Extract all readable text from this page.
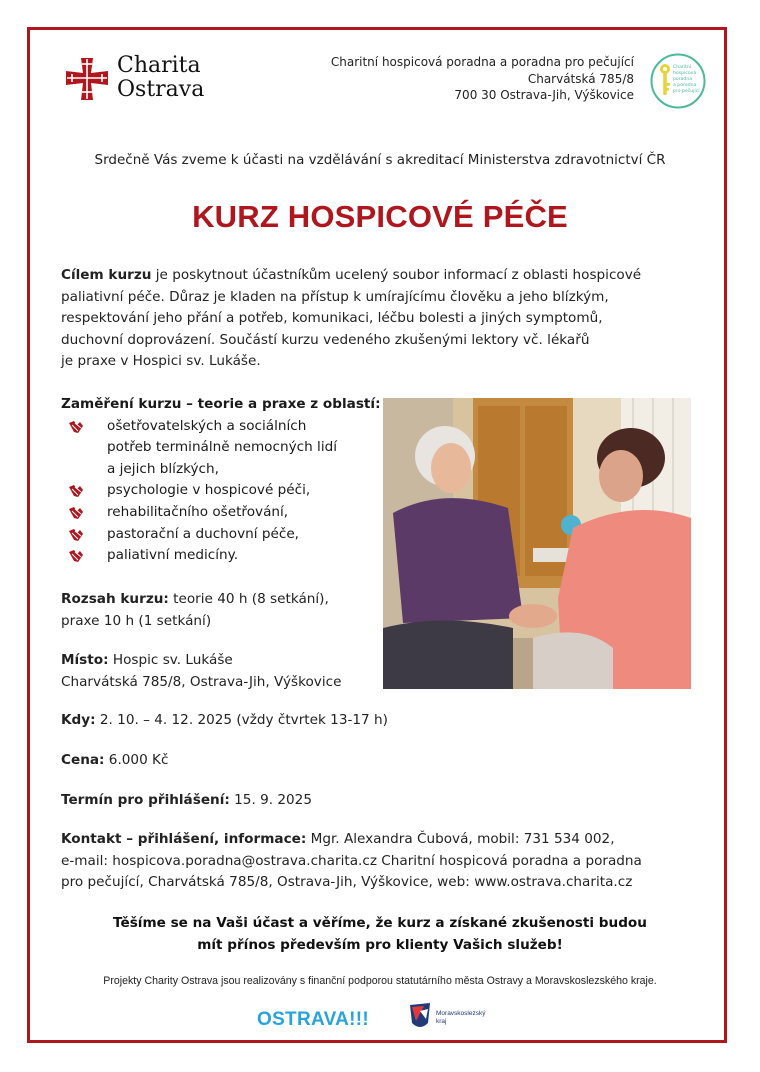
Charita
Ostrava
Charitní hospicová poradna a poradna pro pečující
Charvátská 785/8
700 30 Ostrava-Jih, Výškovice
Charitní
hospicová
poradna
a poradna
pro pečující
Srdečně Vás zveme k účasti na vzdělávání s akreditací Ministerstva zdravotnictví ČR
KURZ HOSPICOVÉ PÉČE

Cílem kurzu je poskytnout účastníkům ucelený soubor informací z oblasti hospicové

paliativní péče. Důraz je kladen na přístup k umírajícímu člověku a jeho blízkým,

respektování jeho přání a potřeb, komunikaci, léčbu bolesti a jiných symptomů,

duchovní doprovázení. Součástí kurzu vedeného zkušenými lektory vč. lékařů

je praxe v Hospici sv. Lukáše.

Zaměření kurzu – teorie a praxe z oblastí:
ošetřovatelských a sociálních
potřeb terminálně nemocných lidí
a jejich blízkých,
psychologie v hospicové péči,
rehabilitačního ošetřování,
pastorační a duchovní péče,
paliativní medicíny.
Rozsah kurzu: teorie 40 h (8 setkání),
praxe 10 h (1 setkání)
Místo: Hospic sv. Lukáše
Charvátská 785/8, Ostrava-Jih, Výškovice
Kdy: 2. 10. – 4. 12. 2025 (vždy čtvrtek 13-17 h)
Cena: 6.000 Kč
Termín pro přihlášení: 15. 9. 2025
Kontakt – přihlášení, informace: Mgr. Alexandra Čubová, mobil: 731 534 002,
e-mail: hospicova.poradna@ostrava.charita.cz Charitní hospicová poradna a poradna
pro pečující, Charvátská 785/8, Ostrava-Jih, Výškovice, web: www.ostrava.charita.cz
Těšíme se na Vaši účast a věříme, že kurz a získané zkušenosti budou
mít přínos především pro klienty Vašich služeb!
Projekty Charity Ostrava jsou realizovány s finanční podporou statutárního města Ostravy a Moravskoslezského kraje.
OSTRAVA!!!	Moravskoslezský
kraj
